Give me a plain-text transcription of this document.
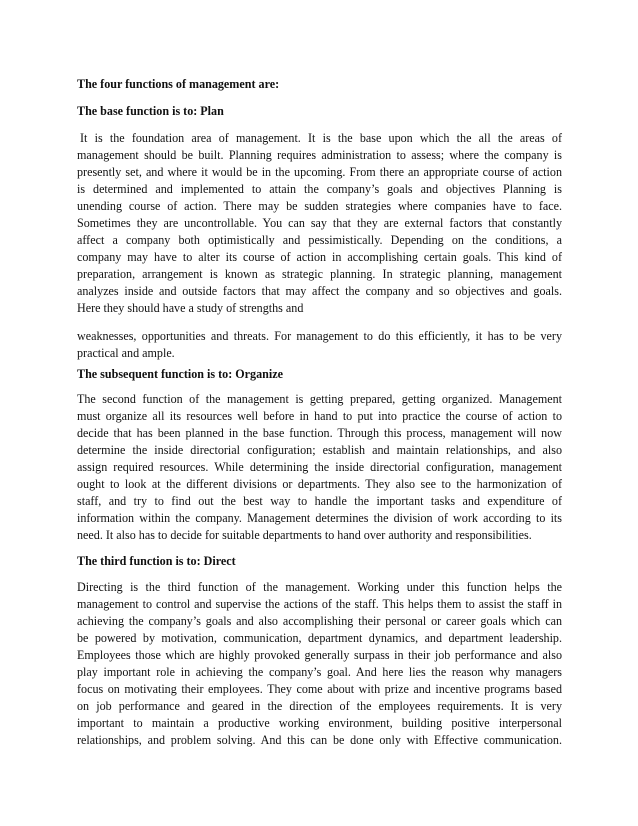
The four functions of management are:
The base function is to: Plan
It is the foundation area of management. It is the base upon which the all the areas of
management should be built. Planning requires administration to assess; where the company is
presently set, and where it would be in the upcoming. From there an appropriate course of action
is determined and implemented to attain the company’s goals and objectives Planning is
unending course of action. There may be sudden strategies where companies have to face.
Sometimes they are uncontrollable. You can say that they are external factors that constantly
affect a company both optimistically and pessimistically. Depending on the conditions, a
company may have to alter its course of action in accomplishing certain goals. This kind of
preparation, arrangement is known as strategic planning. In strategic planning, management
analyzes inside and outside factors that may affect the company and so objectives and goals.
Here they should have a study of strengths and
weaknesses, opportunities and threats. For management to do this efficiently, it has to be very
practical and ample.
The subsequent function is to: Organize
The second function of the management is getting prepared, getting organized. Management
must organize all its resources well before in hand to put into practice the course of action to
decide that has been planned in the base function. Through this process, management will now
determine the inside directorial configuration; establish and maintain relationships, and also
assign required resources. While determining the inside directorial configuration, management
ought to look at the different divisions or departments. They also see to the harmonization of
staff, and try to find out the best way to handle the important tasks and expenditure of
information within the company. Management determines the division of work according to its
need. It also has to decide for suitable departments to hand over authority and responsibilities.
The third function is to: Direct
Directing is the third function of the management. Working under this function helps the
management to control and supervise the actions of the staff. This helps them to assist the staff in
achieving the company’s goals and also accomplishing their personal or career goals which can
be powered by motivation, communication, department dynamics, and department leadership.
Employees those which are highly provoked generally surpass in their job performance and also
play important role in achieving the company’s goal. And here lies the reason why managers
focus on motivating their employees. They come about with prize and incentive programs based
on job performance and geared in the direction of the employees requirements. It is very
important to maintain a productive working environment, building positive interpersonal
relationships, and problem solving. And this can be done only with Effective communication.
